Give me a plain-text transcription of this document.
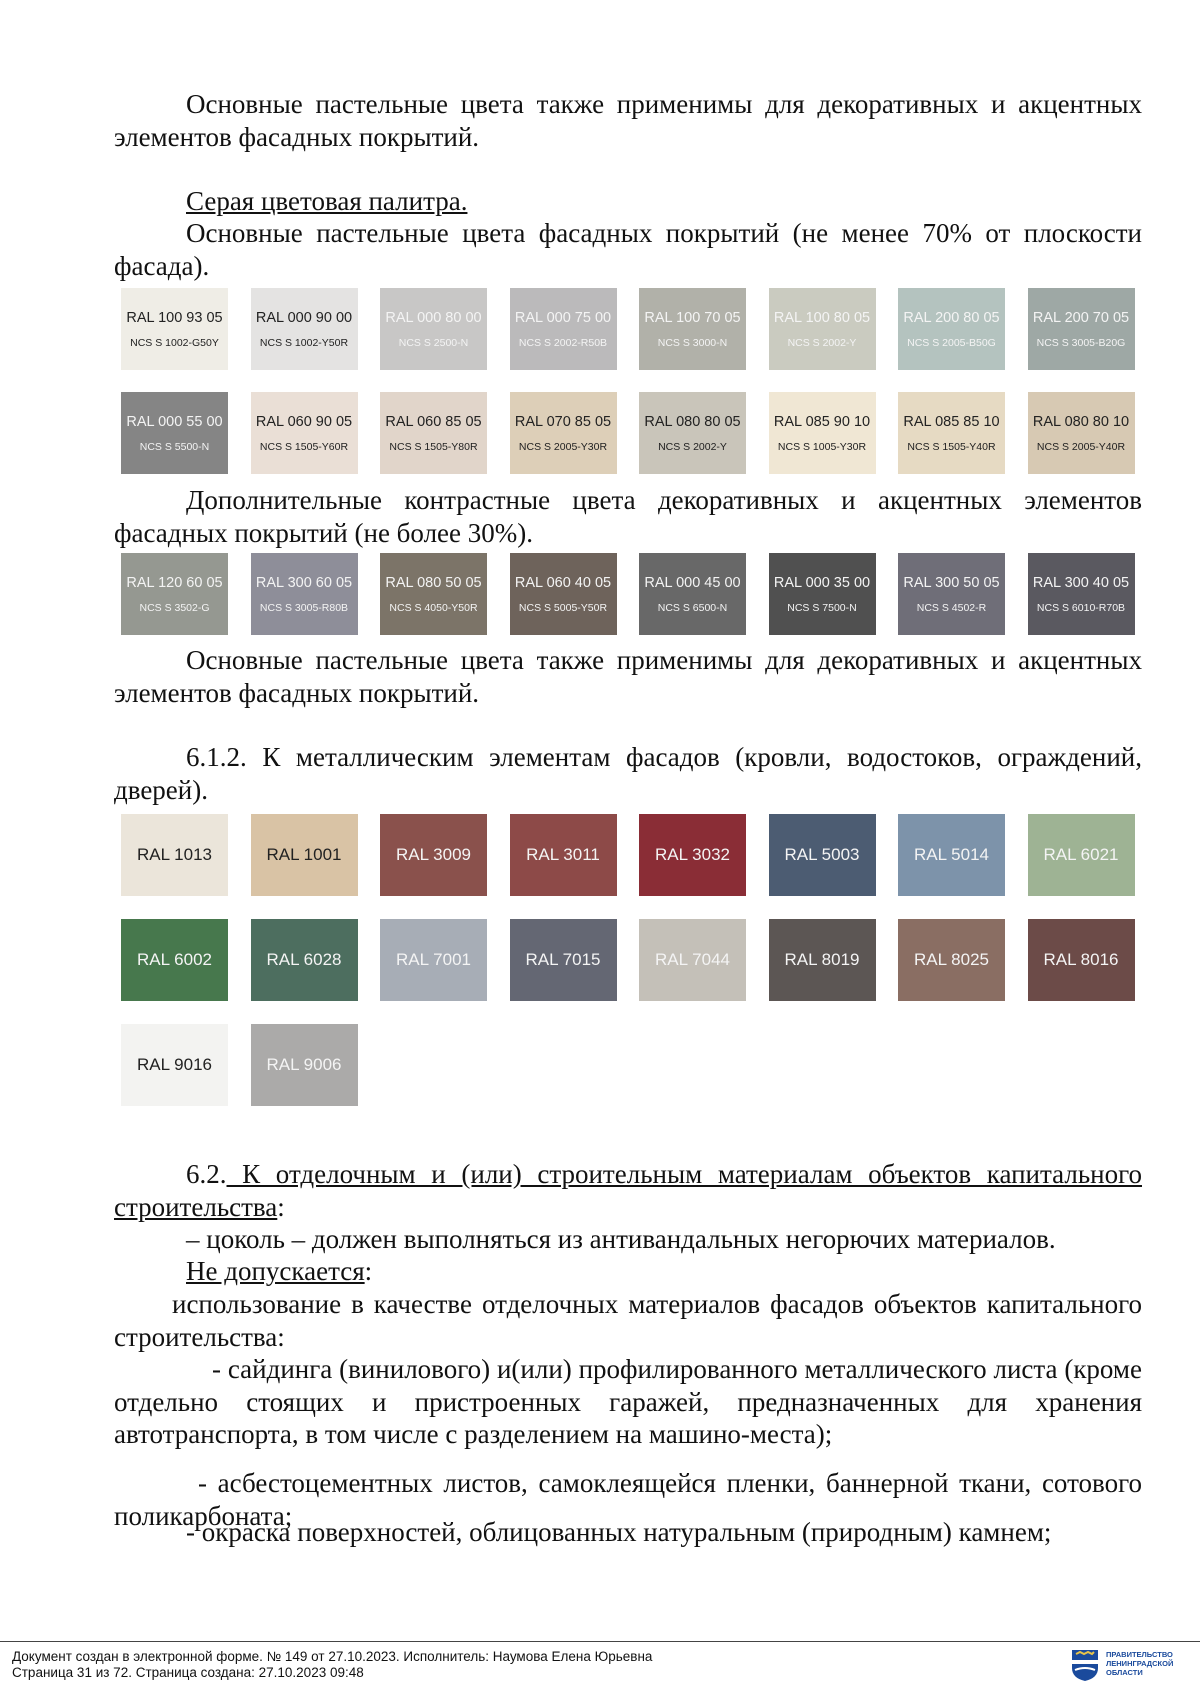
Основные пастельные цвета также применимы для декоративных и акцентных элементов фасадных покрытий.

Серая цветовая палитра.

Основные пастельные цвета фасадных покрытий (не менее 70% от плоскости фасада).

RAL 100 93 05
NCS S 1002-G50Y
RAL 000 90 00
NCS S 1002-Y50R
RAL 000 80 00
NCS S 2500-N
RAL 000 75 00
NCS S 2002-R50B
RAL 100 70 05
NCS S 3000-N
RAL 100 80 05
NCS S 2002-Y
RAL 200 80 05
NCS S 2005-B50G
RAL 200 70 05
NCS S 3005-B20G
RAL 000 55 00
NCS S 5500-N
RAL 060 90 05
NCS S 1505-Y60R
RAL 060 85 05
NCS S 1505-Y80R
RAL 070 85 05
NCS S 2005-Y30R
RAL 080 80 05
NCS S 2002-Y
RAL 085 90 10
NCS S 1005-Y30R
RAL 085 85 10
NCS S 1505-Y40R
RAL 080 80 10
NCS S 2005-Y40R

Дополнительные контрастные цвета декоративных и акцентных элементов фасадных покрытий (не более 30%).

RAL 120 60 05
NCS S 3502-G
RAL 300 60 05
NCS S 3005-R80B
RAL 080 50 05
NCS S 4050-Y50R
RAL 060 40 05
NCS S 5005-Y50R
RAL 000 45 00
NCS S 6500-N
RAL 000 35 00
NCS S 7500-N
RAL 300 50 05
NCS S 4502-R
RAL 300 40 05
NCS S 6010-R70B

Основные пастельные цвета также применимы для декоративных и акцентных элементов фасадных покрытий.

6.1.2. К металлическим элементам фасадов (кровли, водостоков, ограждений, дверей).

RAL 1013	RAL 1001	RAL 3009	RAL 3011	RAL 3032	RAL 5003	RAL 5014	RAL 6021
RAL 6002	RAL 6028	RAL 7001	RAL 7015	RAL 7044	RAL 8019	RAL 8025	RAL 8016
RAL 9016	RAL 9006

6.2. К отделочным и (или) строительным материалам объектов капитального строительства:

– цоколь – должен выполняться из антивандальных негорючих материалов.

Не допускается:

использование в качестве отделочных материалов фасадов объектов капитального строительства:

- сайдинга (винилового) и(или) профилированного металлического листа (кроме отдельно стоящих и пристроенных гаражей, предназначенных для хранения автотранспорта, в том числе с разделением на машино-места);

- асбестоцементных листов, самоклеящейся пленки, баннерной ткани, сотового поликарбоната;

- окраска поверхностей, облицованных натуральным (природным) камнем;

Документ создан в электронной форме. № 149 от 27.10.2023. Исполнитель: Наумова Елена Юрьевна
Страница 31 из 72. Страница создана: 27.10.2023 09:48
ПРАВИТЕЛЬСТВО
ЛЕНИНГРАДСКОЙ
ОБЛАСТИ
